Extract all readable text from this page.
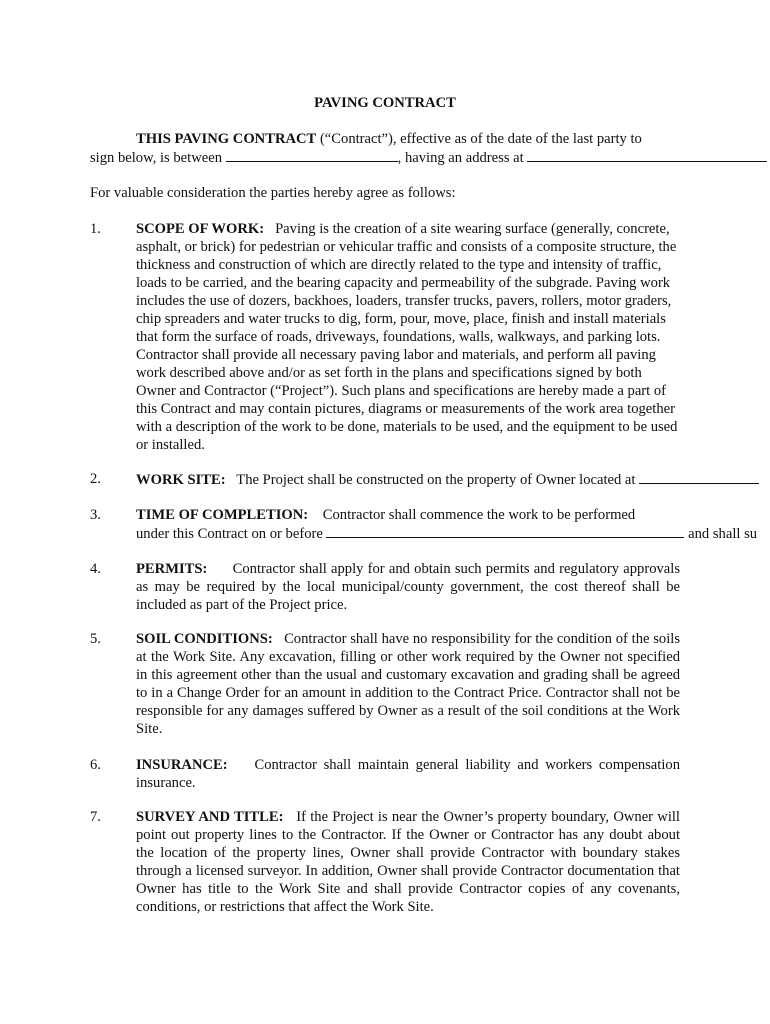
PAVING CONTRACT
THIS PAVING CONTRACT (“Contract”), effective as of the date of the last party to
sign below, is between	, having an address at
For valuable consideration the parties hereby agree as follows:
1. SCOPE OF WORK: Paving is the creation of a site wearing surface (generally, concrete, asphalt, or brick) for pedestrian or vehicular traffic and consists of a composite structure, the thickness and construction of which are directly related to the type and intensity of traffic, loads to be carried, and the bearing capacity and permeability of the subgrade. Paving work includes the use of dozers, backhoes, loaders, transfer trucks, pavers, rollers, motor graders, chip spreaders and water trucks to dig, form, pour, move, place, finish and install materials that form the surface of roads, driveways, foundations, walls, walkways, and parking lots. Contractor shall provide all necessary paving labor and materials, and perform all paving work described above and/or as set forth in the plans and specifications signed by both Owner and Contractor (“Project”). Such plans and specifications are hereby made a part of this Contract and may contain pictures, diagrams or measurements of the work area together with a description of the work to be done, materials to be used, and the equipment to be used or installed.
2. WORK SITE: The Project shall be constructed on the property of Owner located at
3. TIME OF COMPLETION: Contractor shall commence the work to be performed
under this Contract on or before	and shall su
4. PERMITS: Contractor shall apply for and obtain such permits and regulatory approvals as may be required by the local municipal/county government, the cost thereof shall be included as part of the Project price.
5. SOIL CONDITIONS: Contractor shall have no responsibility for the condition of the soils at the Work Site. Any excavation, filling or other work required by the Owner not specified in this agreement other than the usual and customary excavation and grading shall be agreed to in a Change Order for an amount in addition to the Contract Price. Contractor shall not be responsible for any damages suffered by Owner as a result of the soil conditions at the Work Site.
6. INSURANCE: Contractor shall maintain general liability and workers compensation insurance.
7. SURVEY AND TITLE: If the Project is near the Owner’s property boundary, Owner will point out property lines to the Contractor. If the Owner or Contractor has any doubt about the location of the property lines, Owner shall provide Contractor with boundary stakes through a licensed surveyor. In addition, Owner shall provide Contractor documentation that Owner has title to the Work Site and shall provide Contractor copies of any covenants, conditions, or restrictions that affect the Work Site.
